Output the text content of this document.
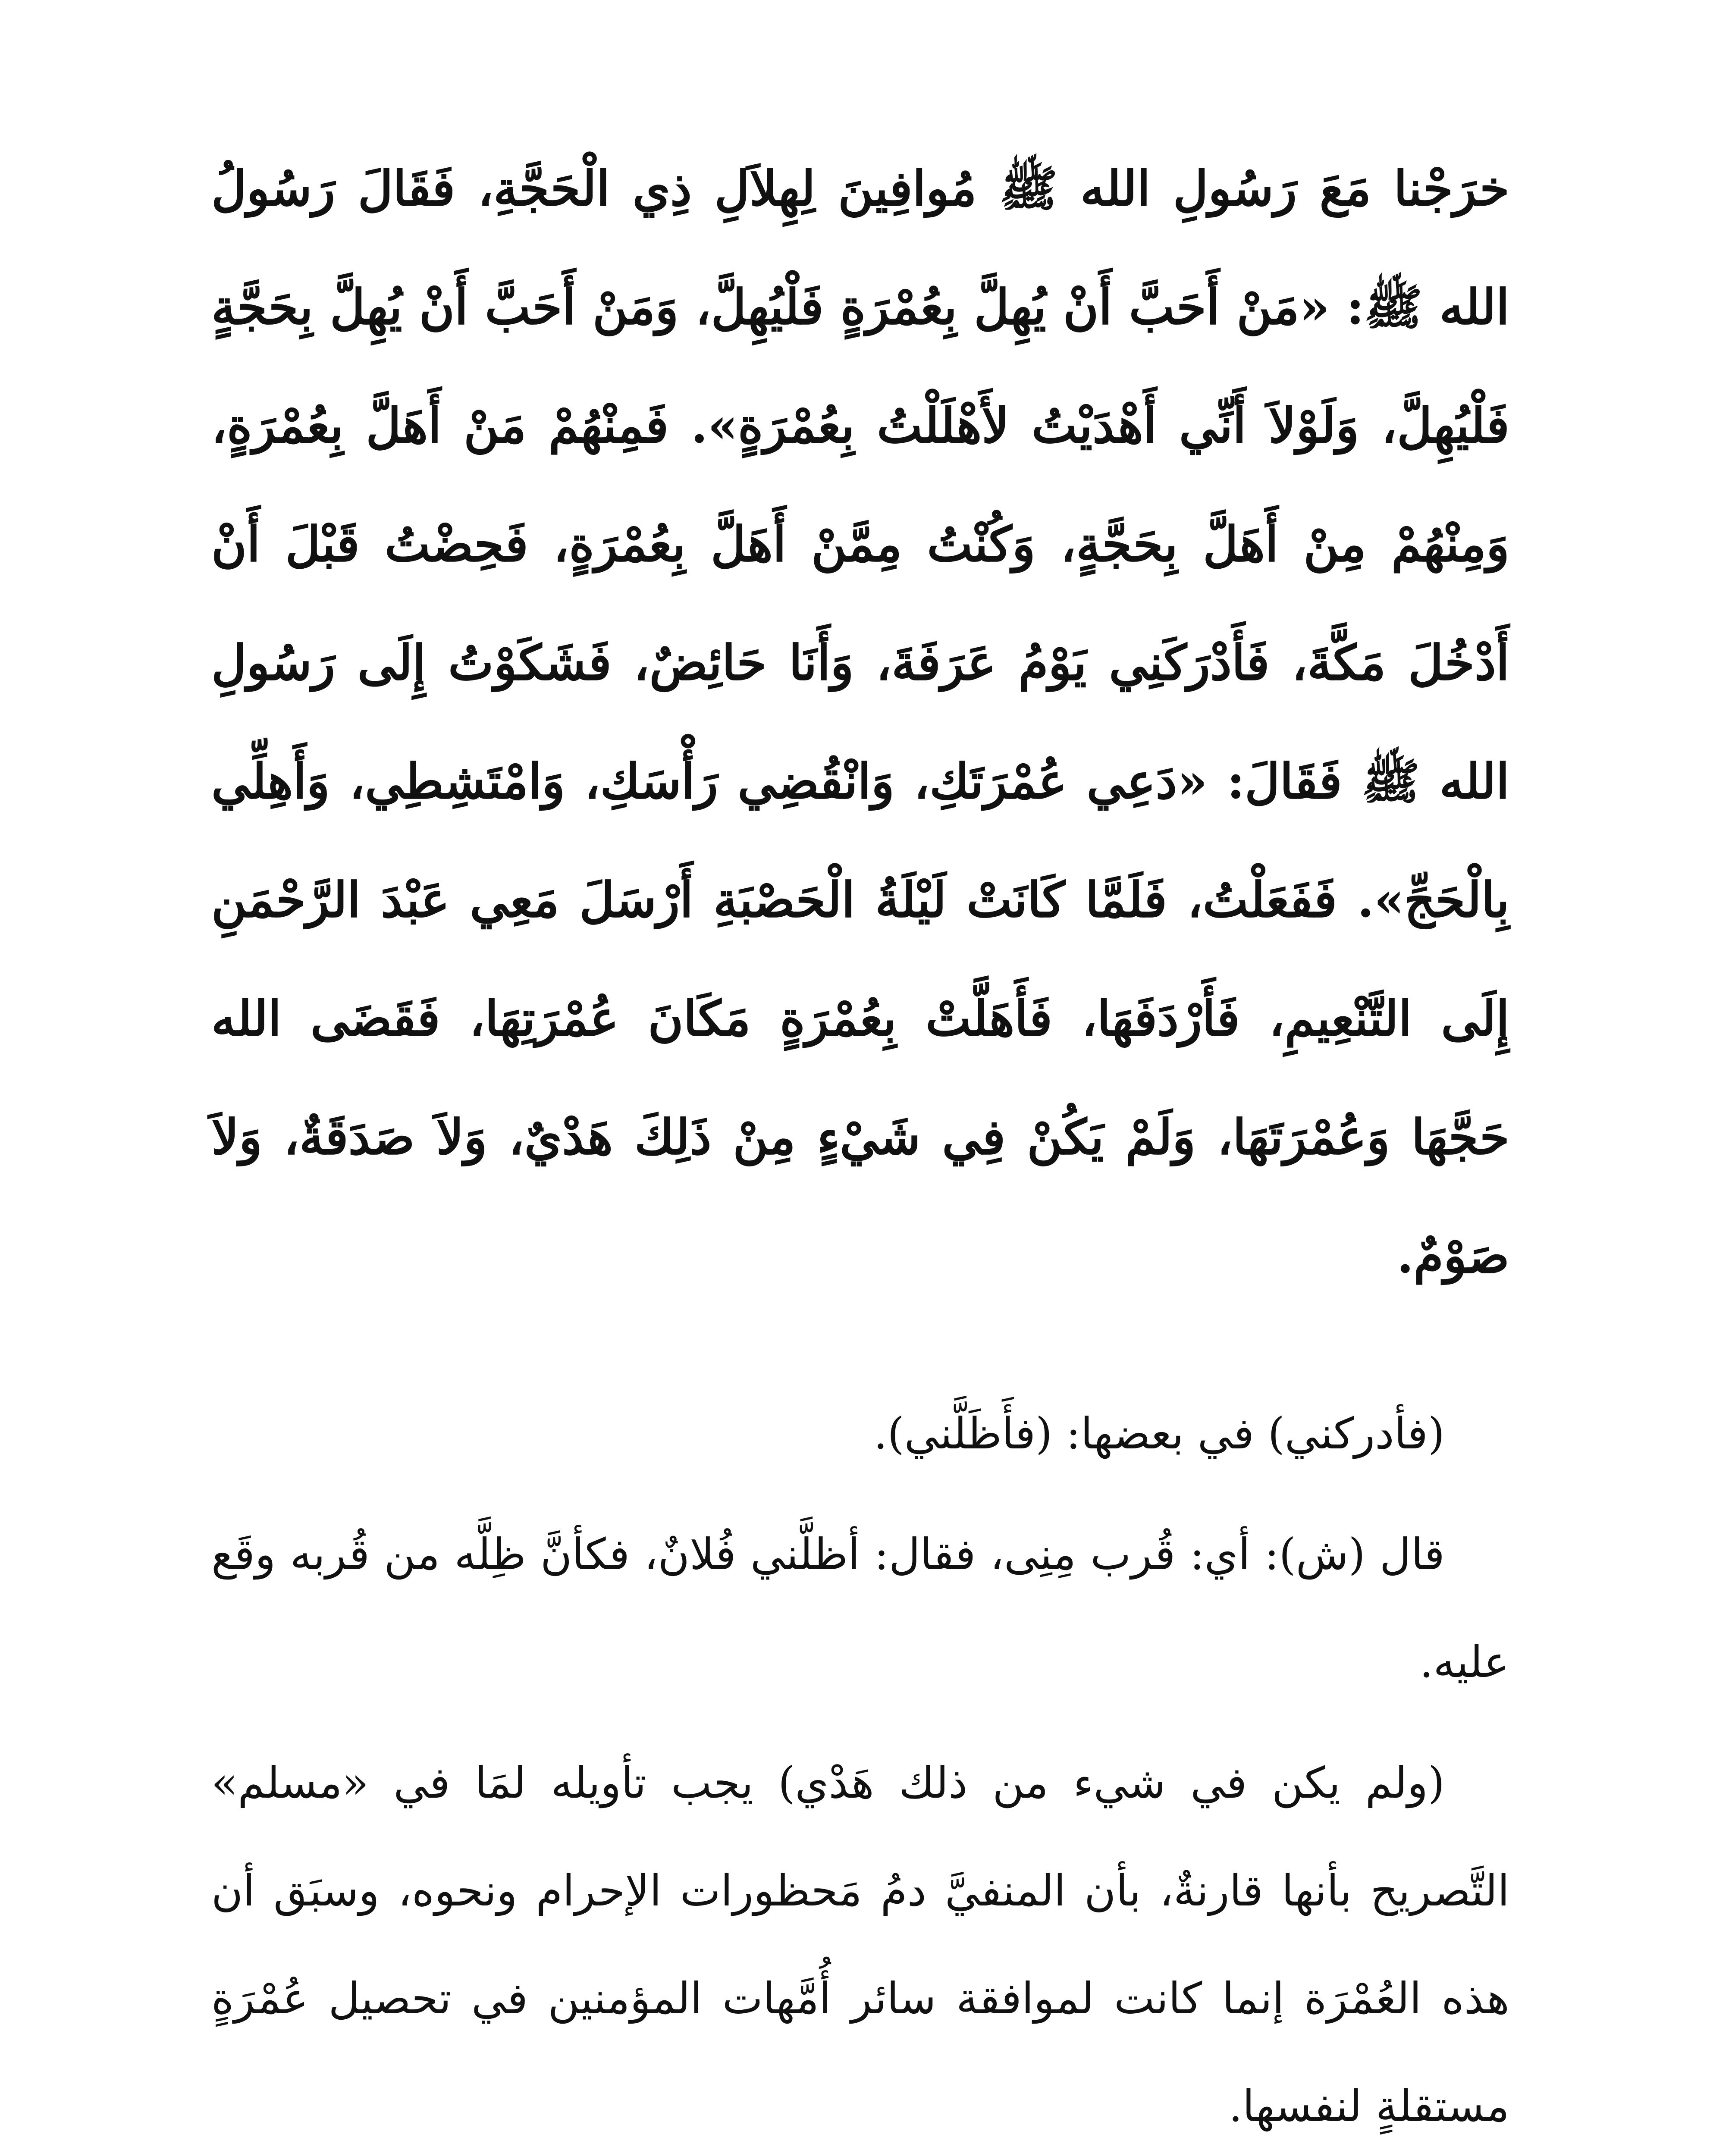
خرَجْنا مَعَ رَسُولِ الله ﷺ مُوافِينَ لِهِلاَلِ ذِي الْحَجَّةِ، فَقَالَ رَسُولُ الله ﷺ: «مَنْ أَحَبَّ أَنْ يُهِلَّ بِعُمْرَةٍ فَلْيُهِلَّ، وَمَنْ أَحَبَّ أَنْ يُهِلَّ بِحَجَّةٍ فَلْيُهِلَّ، وَلَوْلاَ أَنِّي أَهْدَيْتُ لأَهْلَلْتُ بِعُمْرَةٍ». فَمِنْهُمْ مَنْ أَهَلَّ بِعُمْرَةٍ، وَمِنْهُمْ مِنْ أَهَلَّ بِحَجَّةٍ، وَكُنْتُ مِمَّنْ أَهَلَّ بِعُمْرَةٍ، فَحِضْتُ قَبْلَ أَنْ أَدْخُلَ مَكَّةَ، فَأَدْرَكَنِي يَوْمُ عَرَفَةَ، وَأَنَا حَائِضٌ، فَشَكَوْتُ إِلَى رَسُولِ الله ﷺ فَقَالَ: «دَعِي عُمْرَتَكِ، وَانْقُضِي رَأْسَكِ، وَامْتَشِطِي، وَأَهِلِّي بِالْحَجِّ». فَفَعَلْتُ، فَلَمَّا كَانَتْ لَيْلَةُ الْحَصْبَةِ أَرْسَلَ مَعِي عَبْدَ الرَّحْمَنِ إِلَى التَّنْعِيمِ، فَأَرْدَفَهَا، فَأَهَلَّتْ بِعُمْرَةٍ مَكَانَ عُمْرَتِهَا، فَقَضَى الله حَجَّهَا وَعُمْرَتَهَا، وَلَمْ يَكُنْ فِي شَيْءٍ مِنْ ذَلِكَ هَدْيٌ، وَلاَ صَدَقَةٌ، وَلاَ صَوْمٌ.

(فأدركني) في بعضها: (فأَظَلَّني).

قال (ش): أي: قُرب مِنِى، فقال: أظلَّني فُلانٌ، فكأنَّ ظِلَّه من قُربه وقَع عليه.

(ولم يكن في شيء من ذلك هَدْي) يجب تأويله لمَا في «مسلم» التَّصريح بأنها قارنةٌ، بأن المنفيَّ دمُ مَحظورات الإحرام ونحوه، وسبَق أن هذه العُمْرَة إنما كانت لموافقة سائر أُمَّهات المؤمنين في تحصيل عُمْرَةٍ مستقلةٍ لنفسها.
